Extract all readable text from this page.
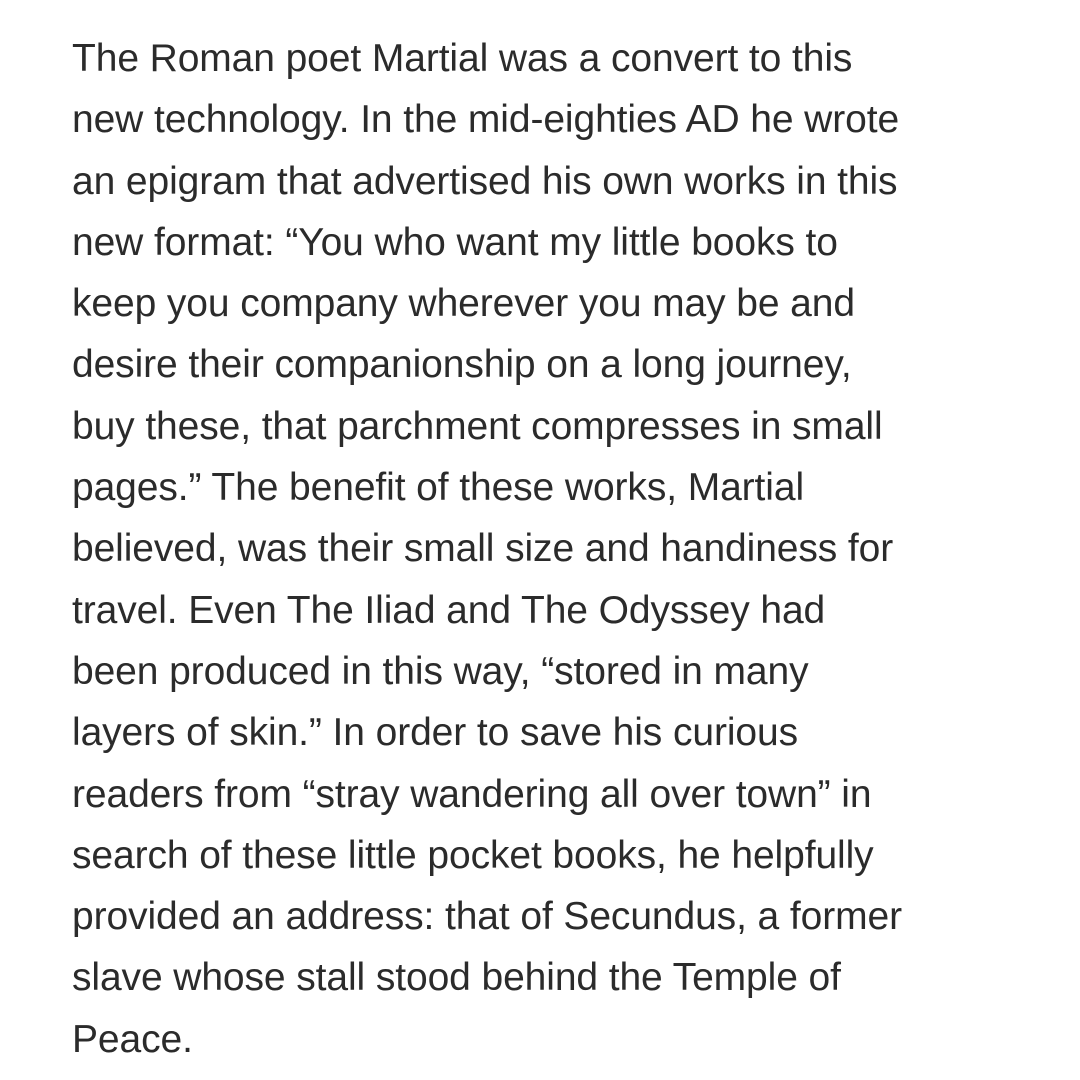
The Roman poet Martial was a convert to this
new technology. In the mid-eighties AD he wrote
an epigram that advertised his own works in this
new format: “You who want my little books to
keep you company wherever you may be and
desire their companionship on a long journey,
buy these, that parchment compresses in small
pages.” The benefit of these works, Martial
believed, was their small size and handiness for
travel. Even The Iliad and The Odyssey had
been produced in this way, “stored in many
layers of skin.” In order to save his curious
readers from “stray wandering all over town” in
search of these little pocket books, he helpfully
provided an address: that of Secundus, a former
slave whose stall stood behind the Temple of
Peace.
